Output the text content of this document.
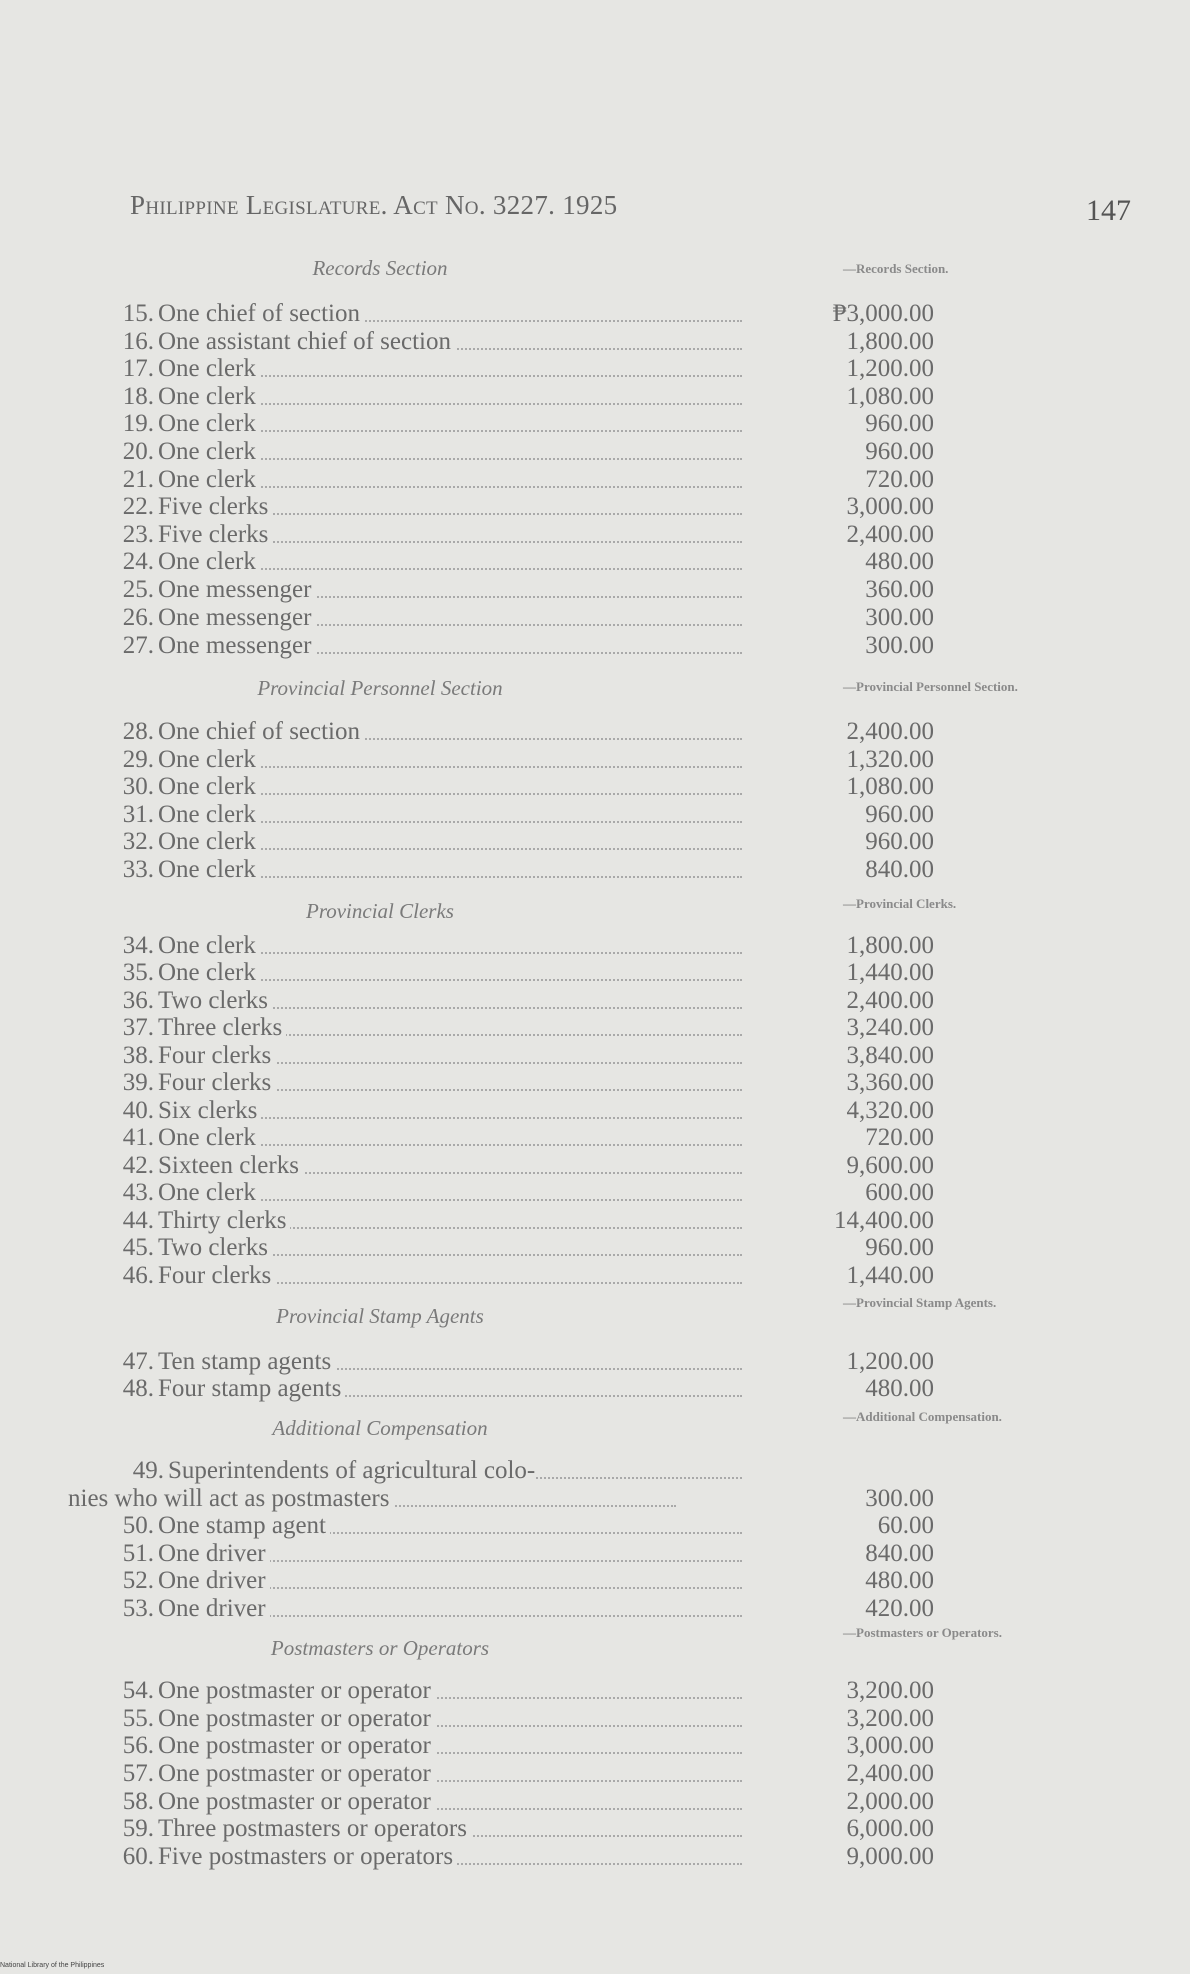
Philippine Legislature. Act No. 3227. 1925	147
Records Section	—Records Section.
15. One chief of section	₱3,000.00
16. One assistant chief of section	1,800.00
17. One clerk	1,200.00
18. One clerk	1,080.00
19. One clerk	960.00
20. One clerk	960.00
21. One clerk	720.00
22. Five clerks	3,000.00
23. Five clerks	2,400.00
24. One clerk	480.00
25. One messenger	360.00
26. One messenger	300.00
27. One messenger	300.00
Provincial Personnel Section	—Provincial Personnel Section.
28. One chief of section	2,400.00
29. One clerk	1,320.00
30. One clerk	1,080.00
31. One clerk	960.00
32. One clerk	960.00
33. One clerk	840.00
Provincial Clerks	—Provincial Clerks.
34. One clerk	1,800.00
35. One clerk	1,440.00
36. Two clerks	2,400.00
37. Three clerks	3,240.00
38. Four clerks	3,840.00
39. Four clerks	3,360.00
40. Six clerks	4,320.00
41. One clerk	720.00
42. Sixteen clerks	9,600.00
43. One clerk	600.00
44. Thirty clerks	14,400.00
45. Two clerks	960.00
46. Four clerks	1,440.00
Provincial Stamp Agents
—Provincial Stamp Agents.
47. Ten stamp agents	1,200.00
48. Four stamp agents	480.00
Additional Compensation	—Additional Compensation.
49. Superintendents of agricultural colo-
nies who will act as postmasters	300.00
50. One stamp agent	60.00
51. One driver	840.00
52. One driver	480.00
53. One driver	420.00
Postmasters or Operators
—Postmasters or Operators.
54. One postmaster or operator	3,200.00
55. One postmaster or operator	3,200.00
56. One postmaster or operator	3,000.00
57. One postmaster or operator	2,400.00
58. One postmaster or operator	2,000.00
59. Three postmasters or operators	6,000.00
60. Five postmasters or operators	9,000.00
National Library of the Philippines
